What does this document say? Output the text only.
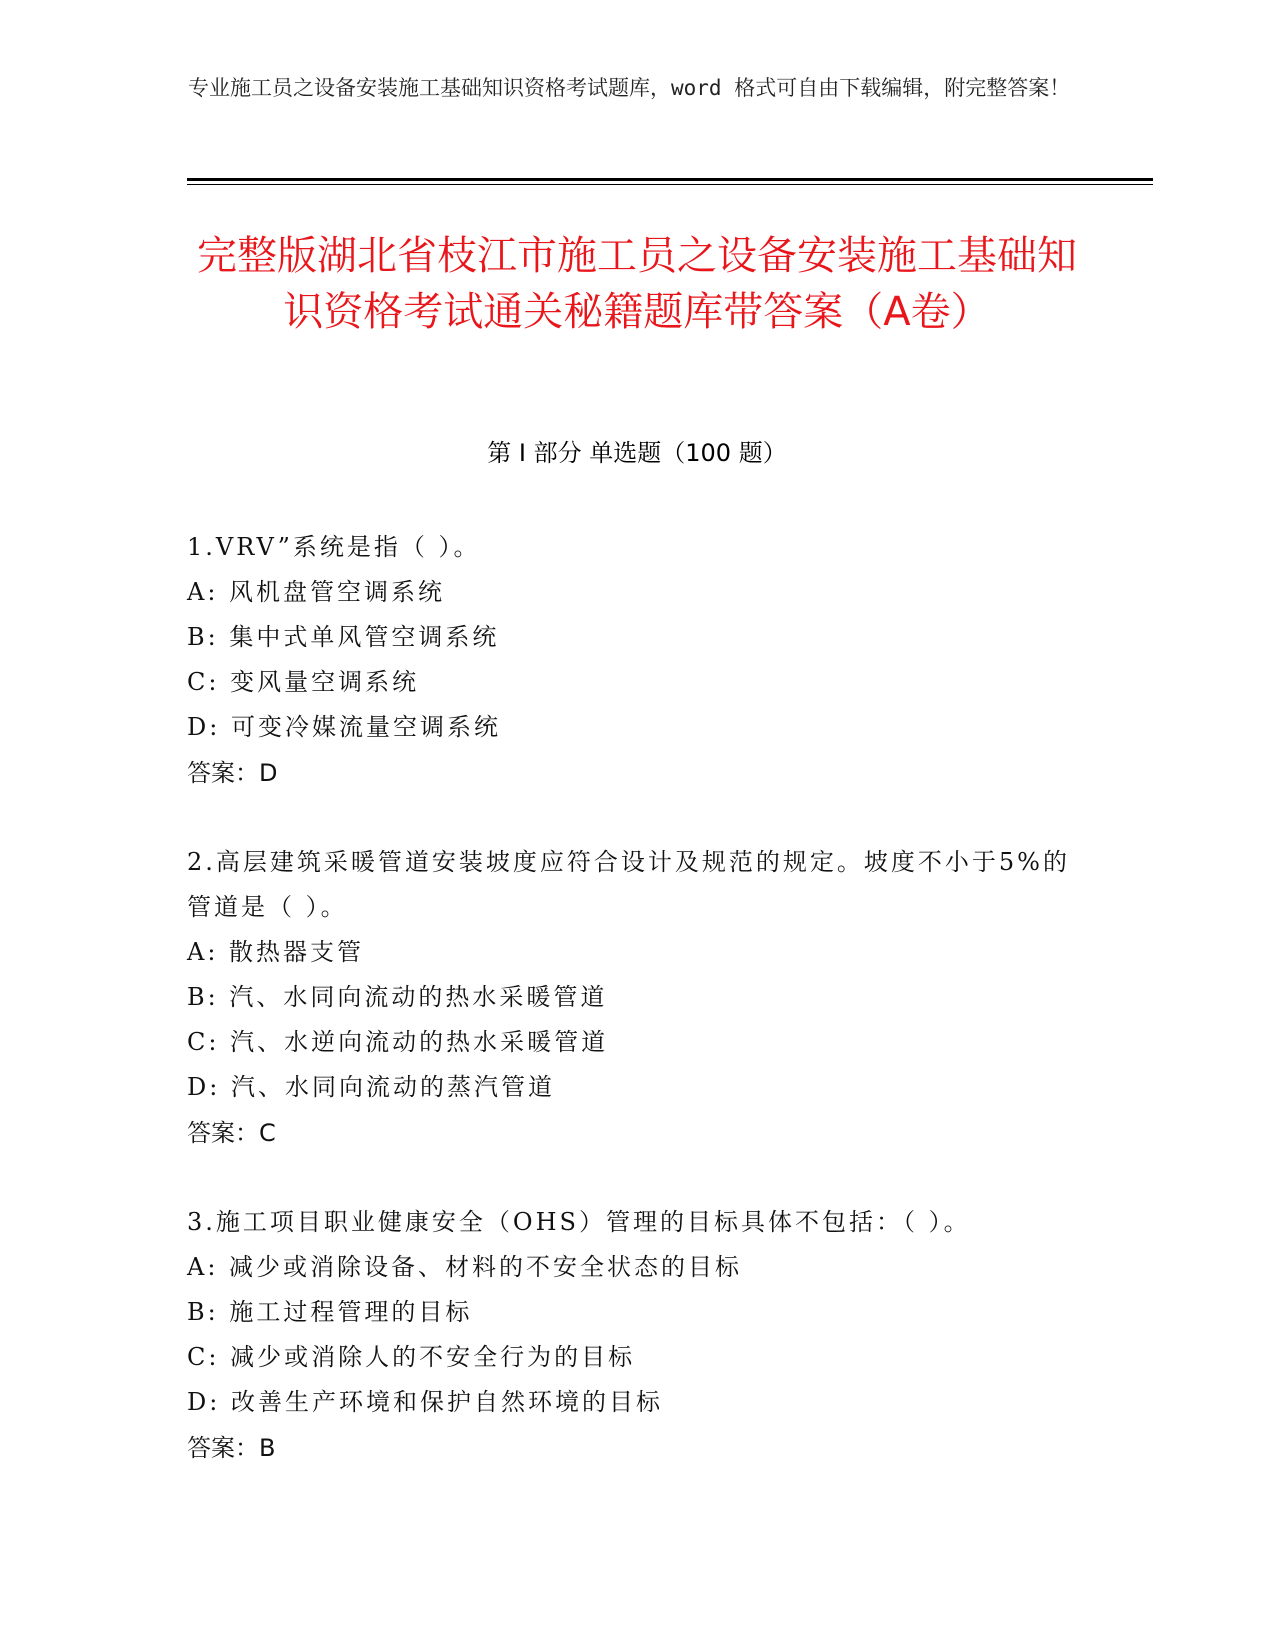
专业施工员之设备安装施工基础知识资格考试题库，word 格式可自由下载编辑，附完整答案！

完整版湖北省枝江市施工员之设备安装施工基础知识资格考试通关秘籍题库带答案（A卷）
第 I 部分 单选题（100 题）

1.VRV”系统是指（ ）。

A: 风机盘管空调系统

B: 集中式单风管空调系统

C: 变风量空调系统

D: 可变冷媒流量空调系统

答案：D

2.高层建筑采暖管道安装坡度应符合设计及规范的规定。坡度不小于5%的管道是（ ）。

A: 散热器支管

B: 汽、水同向流动的热水采暖管道

C: 汽、水逆向流动的热水采暖管道

D: 汽、水同向流动的蒸汽管道

答案：C

3.施工项目职业健康安全（OHS）管理的目标具体不包括：（ ）。

A: 减少或消除设备、材料的不安全状态的目标

B: 施工过程管理的目标

C: 减少或消除人的不安全行为的目标

D: 改善生产环境和保护自然环境的目标

答案：B
